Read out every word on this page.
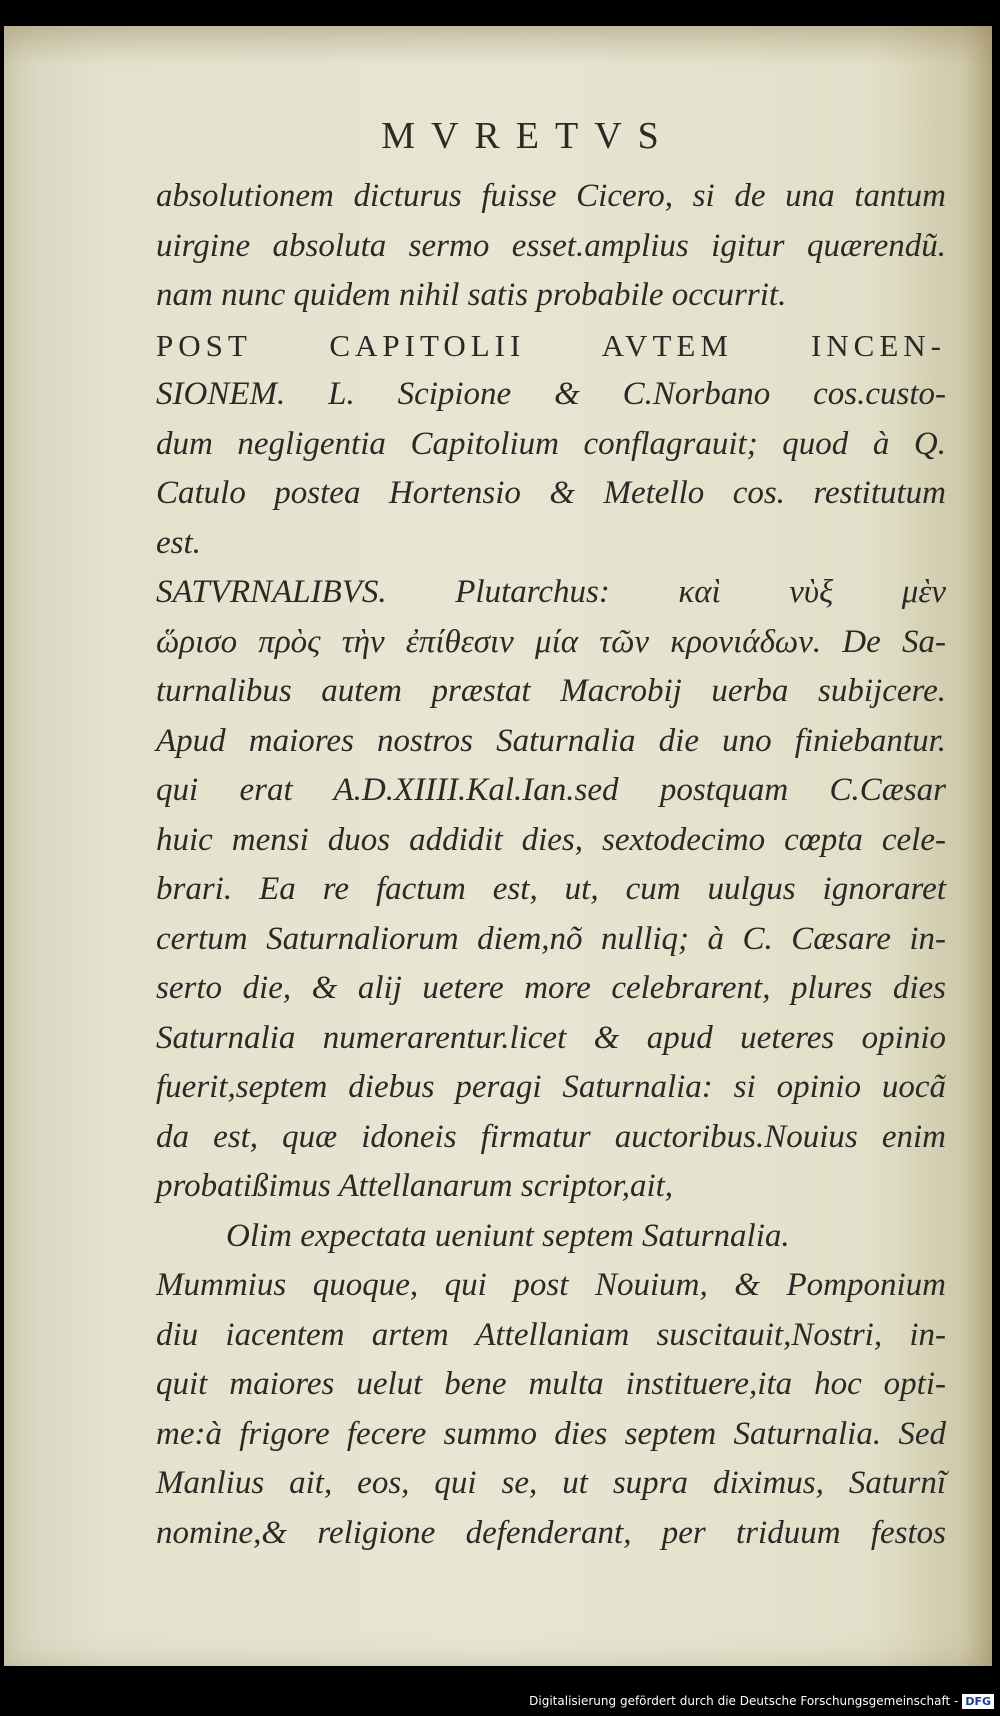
MVRETVS
absolutionem dicturus fuisse Cicero, si de una tantum
uirgine absoluta sermo esset.amplius igitur quærendũ.
nam nunc quidem nihil satis probabile occurrit.
POST CAPITOLII AVTEM INCEN-
SIONEM. L. Scipione & C.Norbano cos.custo-
dum negligentia Capitolium conflagrauit; quod à Q.
Catulo postea Hortensio & Metello cos. restitutum
est.
SATVRNALIBVS. Plutarchus: καὶ νὺξ μὲν
ὥρισο πρὸς τὴν ἐπίθεσιν μία τῶν κρονιάδων. De Sa-
turnalibus autem præstat Macrobij uerba subijcere.
Apud maiores nostros Saturnalia die uno finiebantur.
qui erat A.D.XIIII.Kal.Ian.sed postquam C.Cæsar
huic mensi duos addidit dies, sextodecimo cœpta cele-
brari. Ea re factum est, ut, cum uulgus ignoraret
certum Saturnaliorum diem,nõ nulliq; à C. Cæsare in-
serto die, & alij uetere more celebrarent, plures dies
Saturnalia numerarentur.licet & apud ueteres opinio
fuerit,septem diebus peragi Saturnalia: si opinio uocã
da est, quæ idoneis firmatur auctoribus.Nouius enim
probatißimus Attellanarum scriptor,ait,
Olim expectata ueniunt septem Saturnalia.
Mummius quoque, qui post Nouium, & Pomponium
diu iacentem artem Attellaniam suscitauit,Nostri, in-
quit maiores uelut bene multa instituere,ita hoc opti-
me:à frigore fecere summo dies septem Saturnalia. Sed
Manlius ait, eos, qui se, ut supra diximus, Saturnĩ
nomine,& religione defenderant, per triduum festos
Digitalisierung gefördert durch die Deutsche Forschungsgemeinschaft - DFG
